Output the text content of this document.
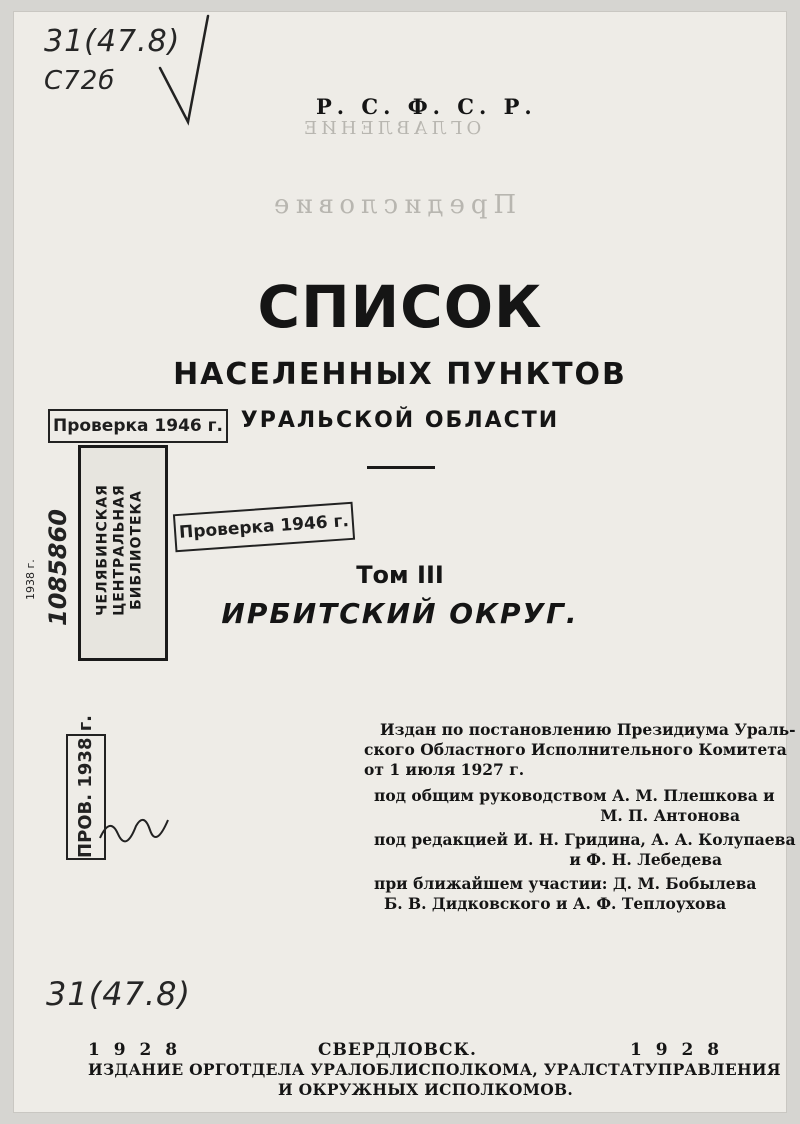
ОГЛАВЛЕНИЕ
Предисловие
31(47.8)
С72б
31(47.8)
1085860
1938 г.
Р. С. Ф. С. Р.
СПИСОК
НАСЕЛЕННЫХ ПУНКТОВ
УРАЛЬСКОЙ ОБЛАСТИ
Проверка 1946 г.
Проверка 1946 г.
ЧЕЛЯБИНСКАЯ ЦЕНТРАЛЬНАЯ БИБЛИОТЕКА
ПРОВ. 1938 г.
Том III
ИРБИТСКИЙ ОКРУГ.
Издан по постановлению Президиума Ураль-
ского Областного Исполнительного Комитета
от 1 июля 1927 г.
под общим руководством А. М. Плешкова и
М. П. Антонова
под редакцией И. Н. Гридина, А. А. Колупаева
и Ф. Н. Лебедева
при ближайшем участии: Д. М. Бобылева
Б. В. Дидковского и А. Ф. Теплоухова
1 9 2 8	СВЕРДЛОВСК.	1 9 2 8
ИЗДАНИЕ ОРГОТДЕЛА УРАЛОБЛИСПОЛКОМА, УРАЛСТАТУПРАВЛЕНИЯ
И ОКРУЖНЫХ ИСПОЛКОМОВ.
